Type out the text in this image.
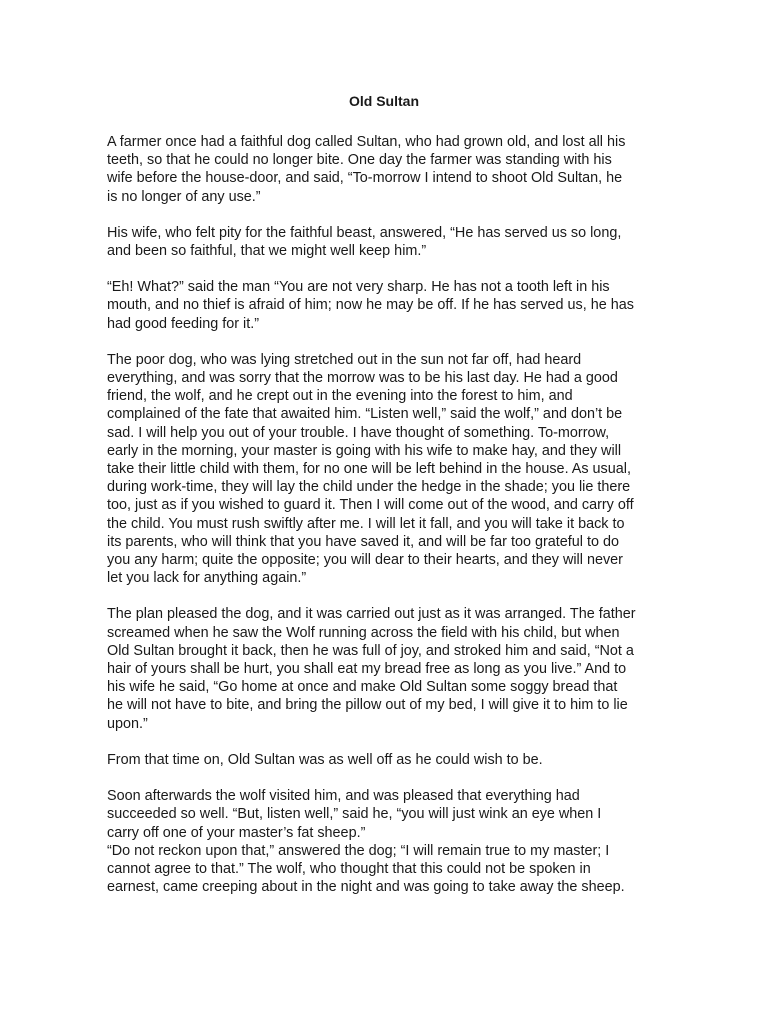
Old Sultan

A farmer once had a faithful dog called Sultan, who had grown old, and lost all his
teeth, so that he could no longer bite. One day the farmer was standing with his
wife before the house-door, and said, “To-morrow I intend to shoot Old Sultan, he
is no longer of any use.”

His wife, who felt pity for the faithful beast, answered, “He has served us so long,
and been so faithful, that we might well keep him.”

“Eh! What?” said the man “You are not very sharp. He has not a tooth left in his
mouth, and no thief is afraid of him; now he may be off. If he has served us, he has
had good feeding for it.”

The poor dog, who was lying stretched out in the sun not far off, had heard
everything, and was sorry that the morrow was to be his last day. He had a good
friend, the wolf, and he crept out in the evening into the forest to him, and
complained of the fate that awaited him. “Listen well,” said the wolf,” and don’t be
sad. I will help you out of your trouble. I have thought of something. To-morrow,
early in the morning, your master is going with his wife to make hay, and they will
take their little child with them, for no one will be left behind in the house. As usual,
during work-time, they will lay the child under the hedge in the shade; you lie there
too, just as if you wished to guard it. Then I will come out of the wood, and carry off
the child. You must rush swiftly after me. I will let it fall, and you will take it back to
its parents, who will think that you have saved it, and will be far too grateful to do
you any harm; quite the opposite; you will dear to their hearts, and they will never
let you lack for anything again.”

The plan pleased the dog, and it was carried out just as it was arranged. The father
screamed when he saw the Wolf running across the field with his child, but when
Old Sultan brought it back, then he was full of joy, and stroked him and said, “Not a
hair of yours shall be hurt, you shall eat my bread free as long as you live.” And to
his wife he said, “Go home at once and make Old Sultan some soggy bread that
he will not have to bite, and bring the pillow out of my bed, I will give it to him to lie
upon.”

From that time on, Old Sultan was as well off as he could wish to be.

Soon afterwards the wolf visited him, and was pleased that everything had
succeeded so well. “But, listen well,” said he, “you will just wink an eye when I
carry off one of your master’s fat sheep.”

“Do not reckon upon that,” answered the dog; “I will remain true to my master; I
cannot agree to that.” The wolf, who thought that this could not be spoken in
earnest, came creeping about in the night and was going to take away the sheep.
